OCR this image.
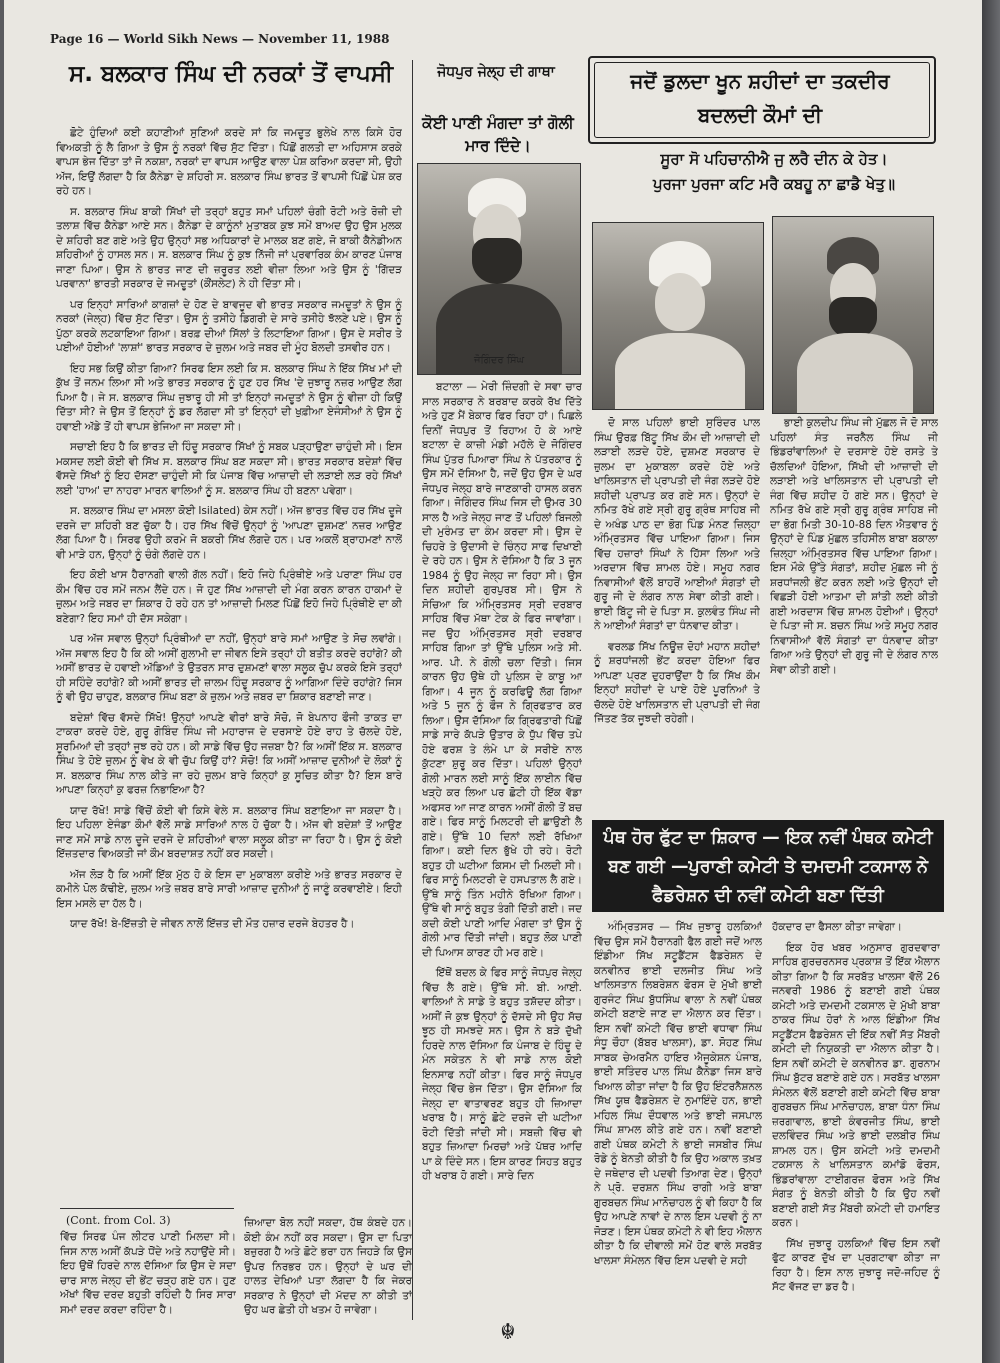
Page 16 — World Sikh News — November 11, 1988
ਸ. ਬਲਕਾਰ ਸਿੰਘ ਦੀ ਨਰਕਾਂ ਤੋਂ ਵਾਪਸੀ

ਛੋਟੇ ਹੁੰਦਿਆਂ ਕਈ ਕਹਾਣੀਆਂ ਸੁਣਿਆਂ ਕਰਦੇ ਸਾਂ ਕਿ ਜਮਦੂਤ ਭੁਲੇਖੇ ਨਾਲ ਕਿਸੇ ਹੋਰ ਵਿਅਕਤੀ ਨੂੰ ਲੈ ਗਿਆ ਤੇ ਉਸ ਨੂੰ ਨਰਕਾਂ ਵਿੱਚ ਸੁੱਟ ਦਿੱਤਾ। ਪਿੱਛੋਂ ਗਲਤੀ ਦਾ ਅਹਿਸਾਸ ਕਰਕੇ ਵਾਪਸ ਭੇਜ ਦਿੱਤਾ ਤਾਂ ਜੋ ਨਕਸ਼ਾ, ਨਰਕਾਂ ਦਾ ਵਾਪਸ ਆਉਣ ਵਾਲਾ ਪੇਸ਼ ਕਰਿਆ ਕਰਦਾ ਸੀ, ਉਹੀ ਅੱਜ, ਇਉਂ ਲੱਗਦਾ ਹੈ ਕਿ ਕੈਨੇਡਾ ਦੇ ਸ਼ਹਿਰੀ ਸ. ਬਲਕਾਰ ਸਿੰਘ ਭਾਰਤ ਤੋਂ ਵਾਪਸੀ ਪਿੱਛੋਂ ਪੇਸ਼ ਕਰ ਰਹੇ ਹਨ।

ਸ. ਬਲਕਾਰ ਸਿੰਘ ਬਾਕੀ ਸਿੱਖਾਂ ਦੀ ਤਰ੍ਹਾਂ ਬਹੁਤ ਸਮਾਂ ਪਹਿਲਾਂ ਚੰਗੀ ਰੋਟੀ ਅਤੇ ਰੋਜ਼ੀ ਦੀ ਤਲਾਸ਼ ਵਿੱਚ ਕੈਨੇਡਾ ਆਏ ਸਨ। ਕੈਨੇਡਾ ਦੇ ਕਾਨੂੰਨਾਂ ਮੁਤਾਬਕ ਕੁਝ ਸਮੇਂ ਬਾਅਦ ਉਹ ਉਸ ਮੁਲਕ ਦੇ ਸ਼ਹਿਰੀ ਬਣ ਗਏ ਅਤੇ ਉਹ ਉਨ੍ਹਾਂ ਸਭ ਅਧਿਕਾਰਾਂ ਦੇ ਮਾਲਕ ਬਣ ਗਏ, ਜੋ ਬਾਕੀ ਕੈਨੇਡੀਅਨ ਸ਼ਹਿਰੀਆਂ ਨੂੰ ਹਾਸਲ ਸਨ। ਸ. ਬਲਕਾਰ ਸਿੰਘ ਨੂੰ ਕੁਝ ਨਿੱਜੀ ਜਾਂ ਪ੍ਰਵਾਰਿਕ ਕੰਮ ਕਾਰਣ ਪੰਜਾਬ ਜਾਣਾ ਪਿਆ। ਉਸ ਨੇ ਭਾਰਤ ਜਾਣ ਦੀ ਜ਼ਰੂਰਤ ਲਈ ਵੀਜ਼ਾ ਲਿਆ ਅਤੇ ਉਸ ਨੂੰ 'ਗਿੱਦੜ ਪਰਵਾਨਾ' ਭਾਰਤੀ ਸਰਕਾਰ ਦੇ ਜਮਦੂਤਾਂ (ਕੌਂਸਲੇਟ) ਨੇ ਹੀ ਦਿੱਤਾ ਸੀ।

ਪਰ ਇਨ੍ਹਾਂ ਸਾਰਿਆਂ ਕਾਗਜ਼ਾਂ ਦੇ ਹੋਣ ਦੇ ਬਾਵਜੂਦ ਵੀ ਭਾਰਤ ਸਰਕਾਰ ਜਮਦੂਤਾਂ ਨੇ ਉਸ ਨੂੰ ਨਰਕਾਂ (ਜੇਲ੍ਹ) ਵਿੱਚ ਸੁੱਟ ਦਿੱਤਾ। ਉਸ ਨੂੰ ਤਸੀਹੇ ਡਿਗਰੀ ਦੇ ਸਾਰੇ ਤਸੀਹੇ ਝੱਲਣੇ ਪਏ। ਉਸ ਨੂੰ ਪੁੱਠਾ ਕਰਕੇ ਲਟਕਾਇਆ ਗਿਆ। ਬਰਫ਼ ਦੀਆਂ ਸਿੱਲਾਂ ਤੇ ਲਿਟਾਇਆ ਗਿਆ। ਉਸ ਦੇ ਸਰੀਰ ਤੇ ਪਈਆਂ ਹੋਈਆਂ 'ਲਾਸ਼ਾਂ' ਭਾਰਤ ਸਰਕਾਰ ਦੇ ਜ਼ੁਲਮ ਅਤੇ ਜਬਰ ਦੀ ਮੂੰਹ ਬੋਲਦੀ ਤਸਵੀਰ ਹਨ।

ਇਹ ਸਭ ਕਿਉਂ ਕੀਤਾ ਗਿਆ? ਸਿਰਫ ਇਸ ਲਈ ਕਿ ਸ. ਬਲਕਾਰ ਸਿੰਘ ਨੇ ਇੱਕ ਸਿੱਖ ਮਾਂ ਦੀ ਕੁੱਖ ਤੋਂ ਜਨਮ ਲਿਆ ਸੀ ਅਤੇ ਭਾਰਤ ਸਰਕਾਰ ਨੂੰ ਹੁਣ ਹਰ ਸਿੱਖ 'ਦੇ ਜੁਝਾਰੂ ਨਜ਼ਰ ਆਉਣ ਲੱਗ ਪਿਆ ਹੈ। ਜੇ ਸ. ਬਲਕਾਰ ਸਿੰਘ ਜੁਝਾਰੂ ਹੀ ਸੀ ਤਾਂ ਇਨ੍ਹਾਂ ਜਮਦੂਤਾਂ ਨੇ ਉਸ ਨੂੰ ਵੀਜ਼ਾ ਹੀ ਕਿਉਂ ਦਿੱਤਾ ਸੀ? ਜੇ ਉਸ ਤੋਂ ਇਨ੍ਹਾਂ ਨੂੰ ਡਰ ਲੱਗਦਾ ਸੀ ਤਾਂ ਇਨ੍ਹਾਂ ਦੀ ਖੁਫ਼ੀਆ ਏਜੰਸੀਆਂ ਨੇ ਉਸ ਨੂੰ ਹਵਾਈ ਅੱਡੇ ਤੋਂ ਹੀ ਵਾਪਸ ਭੇਜਿਆ ਜਾ ਸਕਦਾ ਸੀ।

ਸਚਾਈ ਇਹ ਹੈ ਕਿ ਭਾਰਤ ਦੀ ਹਿੰਦੂ ਸਰਕਾਰ ਸਿੱਖਾਂ ਨੂੰ ਸਬਕ ਪੜ੍ਹਾਉਣਾ ਚਾਹੁੰਦੀ ਸੀ। ਇਸ ਮਕਸਦ ਲਈ ਕੋਈ ਵੀ ਸਿੱਖ ਸ. ਬਲਕਾਰ ਸਿੰਘ ਬਣ ਸਕਦਾ ਸੀ। ਭਾਰਤ ਸਰਕਾਰ ਬਦੇਸ਼ਾਂ ਵਿੱਚ ਵੱਸਦੇ ਸਿੱਖਾਂ ਨੂੰ ਇਹ ਦੱਸਣਾ ਚਾਹੁੰਦੀ ਸੀ ਕਿ ਪੰਜਾਬ ਵਿੱਚ ਆਜ਼ਾਦੀ ਦੀ ਲੜਾਈ ਲੜ ਰਹੇ ਸਿੱਖਾਂ ਲਈ 'ਹਾਅ' ਦਾ ਨਾਹਰਾ ਮਾਰਨ ਵਾਲਿਆਂ ਨੂੰ ਸ. ਬਲਕਾਰ ਸਿੰਘ ਹੀ ਬਣਨਾ ਪਵੇਗਾ।

ਸ. ਬਲਕਾਰ ਸਿੰਘ ਦਾ ਮਸਲਾ ਕੋਈ Isilated) ਕੇਸ ਨਹੀਂ। ਅੱਜ ਭਾਰਤ ਵਿੱਚ ਹਰ ਸਿੱਖ ਦੂਜੇ ਦਰਜੇ ਦਾ ਸ਼ਹਿਰੀ ਬਣ ਚੁੱਕਾ ਹੈ। ਹਰ ਸਿੱਖ ਵਿੱਚੋਂ ਉਨ੍ਹਾਂ ਨੂੰ 'ਆਪਣਾ ਦੁਸ਼ਮਣ' ਨਜ਼ਰ ਆਉਣ ਲੱਗ ਪਿਆ ਹੈ। ਸਿਰਫ ਉਹੀ ਕਰਮੇ ਜੋ ਬਕਰੀ ਸਿੱਖ ਲੱਗਦੇ ਹਨ। ਪਰ ਅਕਲੋਂ ਬ੍ਰਾਹਮਣਾਂ ਨਾਲੋਂ ਵੀ ਮਾੜੇ ਹਨ, ਉਨ੍ਹਾਂ ਨੂੰ ਚੰਗੇ ਲੱਗਦੇ ਹਨ।

ਇਹ ਕੋਈ ਖਾਸ ਹੈਰਾਨਗੀ ਵਾਲੀ ਗੱਲ ਨਹੀਂ। ਇਹੋ ਜਿਹੇ ਪ੍ਰਿੰਥੀਏ ਅਤੇ ਪਰਾਣਾ ਸਿੰਘ ਹਰ ਕੌਮ ਵਿੱਚ ਹਰ ਸਮੇਂ ਜਨਮ ਲੈਂਦੇ ਹਨ। ਜੋ ਹੁਣ ਸਿੱਖ ਆਜ਼ਾਦੀ ਦੀ ਮੰਗ ਕਰਨ ਕਾਰਨ ਹਾਕਮਾਂ ਦੇ ਜ਼ੁਲਮ ਅਤੇ ਜਬਰ ਦਾ ਸ਼ਿਕਾਰ ਹੋ ਰਹੇ ਹਨ ਤਾਂ ਆਜ਼ਾਦੀ ਮਿਲਣ ਪਿੱਛੋਂ ਇਹੋ ਜਿਹੇ ਪ੍ਰਿੰਥੀਏ ਦਾ ਕੀ ਬਣੇਗਾ? ਇਹ ਸਮਾਂ ਹੀ ਦੱਸ ਸਕੇਗਾ।

ਪਰ ਅੱਜ ਸਵਾਲ ਉਨ੍ਹਾਂ ਪ੍ਰਿੰਥੀਆਂ ਦਾ ਨਹੀਂ, ਉਨ੍ਹਾਂ ਬਾਰੇ ਸਮਾਂ ਆਉਣ ਤੇ ਸੋਚ ਲਵਾਂਗੇ। ਅੱਜ ਸਵਾਲ ਇਹ ਹੈ ਕਿ ਕੀ ਅਸੀਂ ਗੁਲਾਮੀ ਦਾ ਜੀਵਨ ਇਸੇ ਤਰ੍ਹਾਂ ਹੀ ਬਤੀਤ ਕਰਦੇ ਰਹਾਂਗੇ? ਕੀ ਅਸੀਂ ਭਾਰਤ ਦੇ ਹਵਾਈ ਅੱਡਿਆਂ ਤੇ ਉਤਰਨ ਸਾਰ ਦੁਸ਼ਮਣਾਂ ਵਾਲਾ ਸਲੂਕ ਚੁੱਪ ਕਰਕੇ ਇਸੇ ਤਰ੍ਹਾਂ ਹੀ ਸਹਿੰਦੇ ਰਹਾਂਗੇ? ਕੀ ਅਸੀਂ ਭਾਰਤ ਦੀ ਜ਼ਾਲਮ ਹਿੰਦੂ ਸਰਕਾਰ ਨੂੰ ਆਗਿਆ ਦਿੰਦੇ ਰਹਾਂਗੇ? ਜਿਸ ਨੂੰ ਵੀ ਉਹ ਚਾਹੁਣ, ਬਲਕਾਰ ਸਿੰਘ ਬਣਾ ਕੇ ਜ਼ੁਲਮ ਅਤੇ ਜ਼ਬਰ ਦਾ ਸ਼ਿਕਾਰ ਬਣਾਈ ਜਾਣ।

ਬਦੇਸ਼ਾਂ ਵਿੱਚ ਵੱਸਦੇ ਸਿੱਖੋ! ਉਨ੍ਹਾਂ ਆਪਣੇ ਵੀਰਾਂ ਬਾਰੇ ਸੋਚੋ, ਜੋ ਬੇਪਨਾਹ ਫੌਜੀ ਤਾਕਤ ਦਾ ਟਾਕਰਾ ਕਰਦੇ ਹੋਏ, ਗੁਰੂ ਗੋਬਿੰਦ ਸਿੰਘ ਜੀ ਮਹਾਰਾਜ ਦੇ ਦਰਸਾਏ ਹੋਏ ਰਾਹ ਤੇ ਚੱਲਦੇ ਹੋਏ, ਸੂਰਮਿਆਂ ਦੀ ਤਰ੍ਹਾਂ ਜੂਝ ਰਹੇ ਹਨ। ਕੀ ਸਾਡੇ ਵਿੱਚ ਉਹ ਜਜ਼ਬਾ ਹੈ? ਕਿ ਅਸੀਂ ਇੱਕ ਸ. ਬਲਕਾਰ ਸਿੰਘ ਤੇ ਹੋਏ ਜ਼ੁਲਮ ਨੂੰ ਵੇਖ ਕੇ ਵੀ ਚੁੱਪ ਕਿਉਂ ਹਾਂ? ਸੋਚੋ! ਕਿ ਅਸੀਂ ਆਜ਼ਾਦ ਦੁਨੀਆਂ ਦੇ ਲੋਕਾਂ ਨੂੰ ਸ. ਬਲਕਾਰ ਸਿੰਘ ਨਾਲ ਕੀਤੇ ਜਾ ਰਹੇ ਜ਼ੁਲਮ ਬਾਰੇ ਕਿਨ੍ਹਾਂ ਕੁ ਸੂਚਿਤ ਕੀਤਾ ਹੈ? ਇਸ ਬਾਰੇ ਆਪਣਾ ਕਿਨ੍ਹਾਂ ਕੁ ਫਰਜ਼ ਨਿਭਾਇਆ ਹੈ?

ਯਾਦ ਰੱਖੋ! ਸਾਡੇ ਵਿੱਚੋਂ ਕੋਈ ਵੀ ਕਿਸੇ ਵੇਲੇ ਸ. ਬਲਕਾਰ ਸਿੰਘ ਬਣਾਇਆ ਜਾ ਸਕਦਾ ਹੈ। ਇਹ ਪਹਿਲਾ ਏਜੰਡਾ ਕੌਮਾਂ ਵੱਲੋਂ ਸਾਡੇ ਸਾਰਿਆਂ ਨਾਲ ਹੋ ਚੁੱਕਾ ਹੈ। ਅੱਜ ਵੀ ਬਦੇਸ਼ਾਂ ਤੋਂ ਆਉਣ ਜਾਣ ਸਮੇਂ ਸਾਡੇ ਨਾਲ ਦੂਜੇ ਦਰਜੇ ਦੇ ਸ਼ਹਿਰੀਆਂ ਵਾਲਾ ਸਲੂਕ ਕੀਤਾ ਜਾ ਰਿਹਾ ਹੈ। ਉਸ ਨੂੰ ਕੋਈ ਇੱਜ਼ਤਦਾਰ ਵਿਅਕਤੀ ਜਾਂ ਕੌਮ ਬਰਦਾਸ਼ਤ ਨਹੀਂ ਕਰ ਸਕਦੀ।

ਅੱਜ ਲੋੜ ਹੈ ਕਿ ਅਸੀਂ ਇੱਕ ਮੁੱਠ ਹੋ ਕੇ ਇਸ ਦਾ ਮੁਕਾਬਲਾ ਕਰੀਏ ਅਤੇ ਭਾਰਤ ਸਰਕਾਰ ਦੇ ਕਮੀਨੇ ਪੋਲ ਕੱਢੀਏ, ਜ਼ੁਲਮ ਅਤੇ ਜ਼ਬਰ ਬਾਰੇ ਸਾਰੀ ਆਜ਼ਾਦ ਦੁਨੀਆਂ ਨੂੰ ਜਾਣੂੰ ਕਰਵਾਈਏ। ਇਹੀ ਇਸ ਮਸਲੇ ਦਾ ਹੱਲ ਹੈ।

ਯਾਦ ਰੱਖੋ! ਬੇ-ਇੱਜ਼ਤੀ ਦੇ ਜੀਵਨ ਨਾਲੋਂ ਇੱਜ਼ਤ ਦੀ ਮੌਤ ਹਜ਼ਾਰ ਦਰਜੇ ਬੇਹਤਰ ਹੈ।

(Cont. from Col. 3)
ਵਿੱਚ ਸਿਰਫ ਪੰਜ ਲੀਟਰ ਪਾਣੀ ਮਿਲਦਾ ਸੀ। ਜਿਸ ਨਾਲ ਅਸੀਂ ਕੱਪੜੇ ਧੋਂਦੇ ਅਤੇ ਨਹਾਉਂਦੇ ਸੀ। ਇਹ ਉਥੋਂ ਹਿਰਦੇ ਨਾਲ ਦੱਸਿਆ ਕਿ ਉਸ ਦੇ ਸਦਾ ਚਾਰ ਸਾਲ ਜੇਲ੍ਹ ਦੀ ਭੇਂਟ ਚੜ੍ਹ ਗਏ ਹਨ। ਹੁਣ ਅੱਖਾਂ ਵਿੱਚ ਦਰਦ ਬਹੁਤੀ ਰਹਿੰਦੀ ਹੈ ਸਿਰ ਸਾਰਾ ਸਮਾਂ ਦਰਦ ਕਰਦਾ ਰਹਿੰਦਾ ਹੈ।
ਜੋਧਪੁਰ ਜੇਲ੍ਹ ਦੀ ਗਾਥਾ
ਕੋਈ ਪਾਣੀ ਮੰਗਦਾ ਤਾਂ ਗੋਲੀ ਮਾਰ ਦਿੰਦੇ।
ਜੋਗਿੰਦਰ ਸਿੰਘ

ਬਟਾਲਾ — ਮੇਰੀ ਜ਼ਿੰਦਗੀ ਦੇ ਸਵਾ ਚਾਰ ਸਾਲ ਸਰਕਾਰ ਨੇ ਬਰਬਾਦ ਕਰਕੇ ਰੱਖ ਦਿੱਤੇ ਅਤੇ ਹੁਣ ਮੈਂ ਬੇਕਾਰ ਫਿਰ ਰਿਹਾ ਹਾਂ। ਪਿਛਲੇ ਦਿਨੀਂ ਜੋਧਪੁਰ ਤੋਂ ਰਿਹਾਅ ਹੋ ਕੇ ਆਏ ਬਟਾਲਾ ਦੇ ਕਾਜ਼ੀ ਮੰਡੀ ਮਹੱਲੇ ਦੇ ਜੋਗਿੰਦਰ ਸਿੰਘ ਪੁੱਤਰ ਪਿਆਰਾ ਸਿੰਘ ਨੇ ਪੱਤਰਕਾਰ ਨੂੰ ਉਸ ਸਮੇਂ ਦੱਸਿਆ ਹੈ, ਜਦੋਂ ਉਹ ਉਸ ਦੇ ਘਰ ਜੋਧਪੁਰ ਜੇਲ੍ਹ ਬਾਰੇ ਜਾਣਕਾਰੀ ਹਾਸਲ ਕਰਨ ਗਿਆ। ਜੋਗਿੰਦਰ ਸਿੰਘ ਜਿਸ ਦੀ ਉਮਰ 30 ਸਾਲ ਹੈ ਅਤੇ ਜੇਲ੍ਹ ਜਾਣ ਤੋਂ ਪਹਿਲਾਂ ਬਿਜਲੀ ਦੀ ਮੁਰੰਮਤ ਦਾ ਕੰਮ ਕਰਦਾ ਸੀ। ਉਸ ਦੇ ਚਿਹਰੇ ਤੇ ਉਦਾਸੀ ਦੇ ਚਿੰਨ੍ਹ ਸਾਫ ਦਿਖਾਈ ਦੇ ਰਹੇ ਹਨ। ਉਸ ਨੇ ਦੱਸਿਆ ਹੈ ਕਿ 3 ਜੂਨ 1984 ਨੂੰ ਉਹ ਜੇਲ੍ਹ ਜਾ ਰਿਹਾ ਸੀ। ਉਸ ਦਿਨ ਸ਼ਹੀਦੀ ਗੁਰਪੁਰਬ ਸੀ। ਉਸ ਨੇ ਸੋਚਿਆ ਕਿ ਅੰਮ੍ਰਿਤਸਰ ਸ੍ਰੀ ਦਰਬਾਰ ਸਾਹਿਬ ਵਿੱਚ ਮੱਥਾ ਟੇਕ ਕੇ ਫਿਰ ਜਾਵਾਂਗਾ। ਜਦ ਉਹ ਅੰਮ੍ਰਿਤਸਰ ਸ੍ਰੀ ਦਰਬਾਰ ਸਾਹਿਬ ਗਿਆ ਤਾਂ ਉੱਥੇ ਪੁਲਿਸ ਅਤੇ ਸੀ. ਆਰ. ਪੀ. ਨੇ ਗੋਲੀ ਚਲਾ ਦਿੱਤੀ। ਜਿਸ ਕਾਰਨ ਉਹ ਉਥੇ ਹੀ ਪੁਲਿਸ ਦੇ ਕਾਬੂ ਆ ਗਿਆ। 4 ਜੂਨ ਨੂੰ ਕਰਫਿਊ ਲੱਗ ਗਿਆ ਅਤੇ 5 ਜੂਨ ਨੂੰ ਫੌਜ ਨੇ ਗ੍ਰਿਫਤਾਰ ਕਰ ਲਿਆ। ਉਸ ਦੱਸਿਆ ਕਿ ਗ੍ਰਿਫਤਾਰੀ ਪਿੱਛੋਂ ਸਾਡੇ ਸਾਰੇ ਕੱਪੜੇ ਉਤਾਰ ਕੇ ਧੁੱਪ ਵਿੱਚ ਤਪੇ ਹੋਏ ਫਰਸ਼ ਤੇ ਲੰਮੇ ਪਾ ਕੇ ਸਰੀਏ ਨਾਲ ਕੁੱਟਣਾ ਸ਼ੁਰੂ ਕਰ ਦਿੱਤਾ। ਪਹਿਲਾਂ ਉਨ੍ਹਾਂ ਗੋਲੀ ਮਾਰਨ ਲਈ ਸਾਨੂੰ ਇੱਕ ਲਾਈਨ ਵਿੱਚ ਖੜ੍ਹੇ ਕਰ ਲਿਆ ਪਰ ਛੋਟੀ ਹੀ ਇੱਕ ਵੱਡਾ ਅਫਸਰ ਆ ਜਾਣ ਕਾਰਨ ਅਸੀਂ ਗੋਲੀ ਤੋਂ ਬਚ ਗਏ। ਫਿਰ ਸਾਨੂੰ ਮਿਲਟਰੀ ਦੀ ਛਾਉਣੀ ਲੈ ਗਏ। ਉੱਥੇ 10 ਦਿਨਾਂ ਲਈ ਰੱਖਿਆ ਗਿਆ। ਕਈ ਦਿਨ ਭੁੱਖੇ ਹੀ ਰਹੇ। ਰੋਟੀ ਬਹੁਤ ਹੀ ਘਟੀਆ ਕਿਸਮ ਦੀ ਮਿਲਦੀ ਸੀ। ਫਿਰ ਸਾਨੂੰ ਮਿਲਟਰੀ ਦੇ ਹਸਪਤਾਲ ਲੈ ਗਏ। ਉੱਥੇ ਸਾਨੂੰ ਤਿੰਨ ਮਹੀਨੇ ਰੱਖਿਆ ਗਿਆ। ਉੱਥੇ ਵੀ ਸਾਨੂੰ ਬਹੁਤ ਤੰਗੀ ਦਿੱਤੀ ਗਈ। ਜਦ ਕਦੀ ਕੋਈ ਪਾਣੀ ਆਦਿ ਮੰਗਦਾ ਤਾਂ ਉਸ ਨੂੰ ਗੋਲੀ ਮਾਰ ਦਿੱਤੀ ਜਾਂਦੀ। ਬਹੁਤ ਲੋਕ ਪਾਣੀ ਦੀ ਪਿਆਸ ਕਾਰਣ ਹੀ ਮਰ ਗਏ।

ਇੱਥੋਂ ਬਦਲ ਕੇ ਫਿਰ ਸਾਨੂੰ ਜੋਧਪੁਰ ਜੇਲ੍ਹ ਵਿੱਚ ਲੈ ਗਏ। ਉੱਥੇ ਸੀ. ਬੀ. ਆਈ. ਵਾਲਿਆਂ ਨੇ ਸਾਡੇ ਤੇ ਬਹੁਤ ਤਸ਼ੱਦਦ ਕੀਤਾ। ਅਸੀਂ ਜੋ ਕੁਝ ਉਨ੍ਹਾਂ ਨੂੰ ਦੱਸਦੇ ਸੀ ਉਹ ਸੱਚ ਝੂਠ ਹੀ ਸਮਝਦੇ ਸਨ। ਉਸ ਨੇ ਬੜੇ ਦੁੱਖੀ ਹਿਰਦੇ ਨਾਲ ਦੱਸਿਆ ਕਿ ਪੰਜਾਬ ਦੇ ਹਿੰਦੂ ਦੇ ਮੰਨ ਸਕੇਤਨ ਨੇ ਵੀ ਸਾਡੇ ਨਾਲ ਕੋਈ ਇਨਸਾਫ ਨਹੀਂ ਕੀਤਾ। ਫਿਰ ਸਾਨੂੰ ਜੋਧਪੁਰ ਜੇਲ੍ਹ ਵਿੱਚ ਭੇਜ ਦਿੱਤਾ। ਉਸ ਦੱਸਿਆ ਕਿ ਜੇਲ੍ਹ ਦਾ ਵਾਤਾਵਰਣ ਬਹੁਤ ਹੀ ਜ਼ਿਆਦਾ ਖਰਾਬ ਹੈ। ਸਾਨੂੰ ਛੋਟੇ ਦਰਜੇ ਦੀ ਘਟੀਆ ਰੋਟੀ ਦਿੱਤੀ ਜਾਂਦੀ ਸੀ। ਸਬਜ਼ੀ ਵਿੱਚ ਵੀ ਬਹੁਤ ਜ਼ਿਆਦਾ ਮਿਰਚਾਂ ਅਤੇ ਪੱਥਰ ਆਦਿ ਪਾ ਕੇ ਦਿੰਦੇ ਸਨ। ਇਸ ਕਾਰਣ ਸਿਹਤ ਬਹੁਤ ਹੀ ਖਰਾਬ ਹੋ ਗਈ। ਸਾਰੇ ਦਿਨ

ਜ਼ਿਆਦਾ ਬੋਲ ਨਹੀਂ ਸਕਦਾ, ਹੱਥ ਕੰਬਦੇ ਹਨ। ਕੋਈ ਕੰਮ ਨਹੀਂ ਕਰ ਸਕਦਾ। ਉਸ ਦਾ ਪਿਤਾ ਬਜ਼ੁਰਗ ਹੈ ਅਤੇ ਛੋਟੇ ਭਰਾ ਹਨ ਜਿਹੜੇ ਕਿ ਉਸ ਉਪਰ ਨਿਰਭਰ ਹਨ। ਉਨ੍ਹਾਂ ਦੇ ਘਰ ਦੀ ਹਾਲਤ ਦੇਖਿਆਂ ਪਤਾ ਲੱਗਦਾ ਹੈ ਕਿ ਜੇਕਰ ਸਰਕਾਰ ਨੇ ਉਨ੍ਹਾਂ ਦੀ ਮੱਦਦ ਨਾ ਕੀਤੀ ਤਾਂ ਉਹ ਘਰ ਛੇਤੀ ਹੀ ਖਤਮ ਹੋ ਜਾਵੇਗਾ।
☬
ਜਦੋਂ ਡੁਲਦਾ ਖੂਨ ਸ਼ਹੀਦਾਂ ਦਾ ਤਕਦੀਰ ਬਦਲਦੀ ਕੌਮਾਂ ਦੀ
ਸੂਰਾ ਸੋ ਪਹਿਚਾਨੀਐ ਜੁ ਲਰੈ ਦੀਨ ਕੇ ਹੇਤ।
ਪੁਰਜਾ ਪੁਰਜਾ ਕਟਿ ਮਰੈ ਕਬਹੂ ਨਾ ਛਾਡੈ ਖੇਤੁ॥

ਦੋ ਸਾਲ ਪਹਿਲਾਂ ਭਾਈ ਸੁਰਿੰਦਰ ਪਾਲ ਸਿੰਘ ਉਰਫ਼ ਬਿੱਟੂ ਸਿੱਖ ਕੌਮ ਦੀ ਆਜ਼ਾਦੀ ਦੀ ਲੜਾਈ ਲੜਦੇ ਹੋਏ, ਦੁਸ਼ਮਣ ਸਰਕਾਰ ਦੇ ਜ਼ੁਲਮ ਦਾ ਮੁਕਾਬਲਾ ਕਰਦੇ ਹੋਏ ਅਤੇ ਖਾਲਿਸਤਾਨ ਦੀ ਪ੍ਰਾਪਤੀ ਦੀ ਜੰਗ ਲੜਦੇ ਹੋਏ ਸ਼ਹੀਦੀ ਪ੍ਰਾਪਤ ਕਰ ਗਏ ਸਨ। ਉਨ੍ਹਾਂ ਦੇ ਨਮਿਤ ਰੱਖੇ ਗਏ ਸ੍ਰੀ ਗੁਰੂ ਗ੍ਰੰਥ ਸਾਹਿਬ ਜੀ ਦੇ ਅਖੰਡ ਪਾਠ ਦਾ ਭੋਗ ਪਿੰਡ ਮੰਨਣ ਜ਼ਿਲ੍ਹਾ ਅੰਮ੍ਰਿਤਸਰ ਵਿੱਚ ਪਾਇਆ ਗਿਆ। ਜਿਸ ਵਿੱਚ ਹਜ਼ਾਰਾਂ ਸਿੰਘਾਂ ਨੇ ਹਿੱਸਾ ਲਿਆ ਅਤੇ ਅਰਦਾਸ ਵਿੱਚ ਸ਼ਾਮਲ ਹੋਏ। ਸਮੂਹ ਨਗਰ ਨਿਵਾਸੀਆਂ ਵੱਲੋਂ ਬਾਹਰੋਂ ਆਈਆਂ ਸੰਗਤਾਂ ਦੀ ਗੁਰੂ ਜੀ ਦੇ ਲੰਗਰ ਨਾਲ ਸੇਵਾ ਕੀਤੀ ਗਈ। ਭਾਈ ਬਿੱਟੂ ਜੀ ਦੇ ਪਿਤਾ ਸ. ਕੁਲਵੰਤ ਸਿੰਘ ਜੀ ਨੇ ਆਈਆਂ ਸੰਗਤਾਂ ਦਾ ਧੰਨਵਾਦ ਕੀਤਾ।

ਵਰਲਡ ਸਿੱਖ ਨਿਊਜ਼ ਦੋਹਾਂ ਮਹਾਨ ਸ਼ਹੀਦਾਂ ਨੂੰ ਸ਼ਰਧਾਂਜਲੀ ਭੇਂਟ ਕਰਦਾ ਹੋਇਆ ਫਿਰ ਆਪਣਾ ਪ੍ਰਣ ਦੁਹਰਾਉਂਦਾ ਹੈ ਕਿ ਸਿੱਖ ਕੌਮ ਇਨ੍ਹਾਂ ਸ਼ਹੀਦਾਂ ਦੇ ਪਾਏ ਹੋਏ ਪੂਰਨਿਆਂ ਤੇ ਚੱਲਦੇ ਹੋਏ ਖਾਲਿਸਤਾਨ ਦੀ ਪ੍ਰਾਪਤੀ ਦੀ ਜੰਗ ਜਿੱਤਣ ਤੱਕ ਜੂਝਦੀ ਰਹੇਗੀ।

ਭਾਈ ਕੁਲਦੀਪ ਸਿੰਘ ਜੀ ਮੁੱਛਲ ਜੋ ਦੋ ਸਾਲ ਪਹਿਲਾਂ ਸੰਤ ਜਰਨੈਲ ਸਿੰਘ ਜੀ ਭਿੰਡਰਾਂਵਾਲਿਆਂ ਦੇ ਦਰਸਾਏ ਹੋਏ ਰਸਤੇ ਤੇ ਚੱਲਦਿਆਂ ਹੋਇਆ, ਸਿੱਖੀ ਦੀ ਆਜ਼ਾਦੀ ਦੀ ਲੜਾਈ ਅਤੇ ਖਾਲਿਸਤਾਨ ਦੀ ਪ੍ਰਾਪਤੀ ਦੀ ਜੰਗ ਵਿੱਚ ਸ਼ਹੀਦ ਹੋ ਗਏ ਸਨ। ਉਨ੍ਹਾਂ ਦੇ ਨਮਿਤ ਰੱਖੇ ਗਏ ਸ੍ਰੀ ਗੁਰੂ ਗ੍ਰੰਥ ਸਾਹਿਬ ਜੀ ਦਾ ਭੋਗ ਮਿਤੀ 30-10-88 ਦਿਨ ਐਤਵਾਰ ਨੂੰ ਉਨ੍ਹਾਂ ਦੇ ਪਿੰਡ ਮੁੱਛਲ ਤਹਿਸੀਲ ਬਾਬਾ ਬਕਾਲਾ ਜ਼ਿਲ੍ਹਾ ਅੰਮ੍ਰਿਤਸਰ ਵਿੱਚ ਪਾਇਆ ਗਿਆ। ਇਸ ਮੌਕੇ ਉੱਤੇ ਸੰਗਤਾਂ, ਸ਼ਹੀਦ ਮੁੱਛਲ ਜੀ ਨੂੰ ਸ਼ਰਧਾਂਜਲੀ ਭੇਂਟ ਕਰਨ ਲਈ ਅਤੇ ਉਨ੍ਹਾਂ ਦੀ ਵਿਛੜੀ ਹੋਈ ਆਤਮਾ ਦੀ ਸ਼ਾਂਤੀ ਲਈ ਕੀਤੀ ਗਈ ਅਰਦਾਸ ਵਿੱਚ ਸ਼ਾਮਲ ਹੋਈਆਂ। ਉਨ੍ਹਾਂ ਦੇ ਪਿਤਾ ਜੀ ਸ. ਬਚਨ ਸਿੰਘ ਅਤੇ ਸਮੂਹ ਨਗਰ ਨਿਵਾਸੀਆਂ ਵੱਲੋਂ ਸੰਗਤਾਂ ਦਾ ਧੰਨਵਾਦ ਕੀਤਾ ਗਿਆ ਅਤੇ ਉਨ੍ਹਾਂ ਦੀ ਗੁਰੂ ਜੀ ਦੇ ਲੰਗਰ ਨਾਲ ਸੇਵਾ ਕੀਤੀ ਗਈ।

ਪੰਥ ਹੋਰ ਫੁੱਟ ਦਾ ਸ਼ਿਕਾਰ — ਇਕ ਨਵੀਂ ਪੰਥਕ ਕਮੇਟੀ ਬਣ ਗਈ —ਪੁਰਾਣੀ ਕਮੇਟੀ ਤੇ ਦਮਦਮੀ ਟਕਸਾਲ ਨੇ ਫੈਡਰੇਸ਼ਨ ਦੀ ਨਵੀਂ ਕਮੇਟੀ ਬਣਾ ਦਿੱਤੀ

ਅੰਮ੍ਰਿਤਸਰ — ਸਿੱਖ ਜੁਝਾਰੂ ਹਲਕਿਆਂ ਵਿੱਚ ਉਸ ਸਮੇਂ ਹੈਰਾਨਗੀ ਫੈਲ ਗਈ ਜਦੋਂ ਆਲ ਇੰਡੀਆ ਸਿੱਖ ਸਟੂਡੈਂਟਸ ਫੈਡਰੇਸ਼ਨ ਦੇ ਕਨਵੀਨਰ ਭਾਈ ਦਲਜੀਤ ਸਿੰਘ ਅਤੇ ਖਾਲਿਸਤਾਨ ਲਿਬਰੇਸ਼ਨ ਫੋਰਸ ਦੇ ਮੁੱਖੀ ਭਾਈ ਗੁਰਜੰਟ ਸਿੰਘ ਬੁੱਧਸਿੰਘ ਵਾਲਾ ਨੇ ਨਵੀਂ ਪੰਥਕ ਕਮੇਟੀ ਬਣਾਏ ਜਾਣ ਦਾ ਐਲਾਨ ਕਰ ਦਿੱਤਾ। ਇਸ ਨਵੀਂ ਕਮੇਟੀ ਵਿੱਚ ਭਾਈ ਵਧਾਵਾ ਸਿੰਘ ਸੰਧੂ ਚੌਹਾ (ਬੱਬਰ ਖਾਲਸਾ), ਡਾ. ਸੋਹਣ ਸਿੰਘ ਸਾਬਕ ਚੇਅਰਮੈਨ ਹਾਇਰ ਐਜੂਕੇਸ਼ਨ ਪੰਜਾਬ, ਭਾਈ ਸਤਿੰਦਰ ਪਾਲ ਸਿੰਘ ਕੈਨੇਡਾ ਜਿਸ ਬਾਰੇ ਖਿਆਲ ਕੀਤਾ ਜਾਂਦਾ ਹੈ ਕਿ ਉਹ ਇੰਟਰਨੈਸ਼ਨਲ ਸਿੱਖ ਯੂਥ ਫੈਡਰੇਸ਼ਨ ਦੇ ਨੁਮਾਇੰਦੇ ਹਨ, ਭਾਈ ਮਹਿਲ ਸਿੰਘ ਦੌਧਵਾਲ ਅਤੇ ਭਾਈ ਜਸਪਾਲ ਸਿੰਘ ਸ਼ਾਮਲ ਕੀਤੇ ਗਏ ਹਨ। ਨਵੀਂ ਬਣਾਈ ਗਈ ਪੰਥਕ ਕਮੇਟੀ ਨੇ ਭਾਈ ਜਸਬੀਰ ਸਿੰਘ ਰੋਡੇ ਨੂੰ ਬੇਨਤੀ ਕੀਤੀ ਹੈ ਕਿ ਉਹ ਅਕਾਲ ਤਖ਼ਤ ਦੇ ਜਥੇਦਾਰ ਦੀ ਪਦਵੀ ਤਿਆਗ ਦੇਣ। ਉਨ੍ਹਾਂ ਨੇ ਪ੍ਰੋ. ਦਰਸ਼ਨ ਸਿੰਘ ਰਾਗੀ ਅਤੇ ਬਾਬਾ ਗੁਰਬਚਨ ਸਿੰਘ ਮਾਨੋਚਾਹਲ ਨੂੰ ਵੀ ਕਿਹਾ ਹੈ ਕਿ ਉਹ ਆਪਣੇ ਨਾਵਾਂ ਦੇ ਨਾਲ ਇਸ ਪਦਵੀ ਨੂੰ ਨਾ ਜੋੜਣ। ਇਸ ਪੰਥਕ ਕਮੇਟੀ ਨੇ ਵੀ ਇਹ ਐਲਾਨ ਕੀਤਾ ਹੈ ਕਿ ਦੀਵਾਲੀ ਸਮੇਂ ਹੋਣ ਵਾਲੇ ਸਰਬੱਤ ਖਾਲਸਾ ਸੰਮੇਲਨ ਵਿੱਚ ਇਸ ਪਦਵੀ ਦੇ ਸਹੀ

ਹੱਕਦਾਰ ਦਾ ਫੈਸਲਾ ਕੀਤਾ ਜਾਵੇਗਾ।

ਇਕ ਹੋਰ ਖਬਰ ਅਨੁਸਾਰ ਗੁਰਦਵਾਰਾ ਸਾਹਿਬ ਗੁਰਚਰਨਸਰ ਪ੍ਰਕਾਸ਼ ਤੋਂ ਇੱਕ ਐਲਾਨ ਕੀਤਾ ਗਿਆ ਹੈ ਕਿ ਸਰਬੱਤ ਖਾਲਸਾ ਵੱਲੋਂ 26 ਜਨਵਰੀ 1986 ਨੂੰ ਬਣਾਈ ਗਈ ਪੰਥਕ ਕਮੇਟੀ ਅਤੇ ਦਮਦਮੀ ਟਕਸਾਲ ਦੇ ਮੁੱਖੀ ਬਾਬਾ ਠਾਕਰ ਸਿੰਘ ਹੋਰਾਂ ਨੇ ਆਲ ਇੰਡੀਆ ਸਿੱਖ ਸਟੂਡੈਂਟਸ ਫੈਡਰੇਸ਼ਨ ਦੀ ਇੱਕ ਨਵੀਂ ਸੱਤ ਮੈਂਬਰੀ ਕਮੇਟੀ ਦੀ ਨਿਯੁਕਤੀ ਦਾ ਐਲਾਨ ਕੀਤਾ ਹੈ। ਇਸ ਨਵੀਂ ਕਮੇਟੀ ਦੇ ਕਨਵੀਨਰ ਡਾ. ਗੁਰਨਾਮ ਸਿੰਘ ਬੁੱਟਰ ਬਣਾਏ ਗਏ ਹਨ। ਸਰਬੱਤ ਖਾਲਸਾ ਸੰਮੇਲਨ ਵੱਲੋਂ ਬਣਾਈ ਗਈ ਕਮੇਟੀ ਵਿੱਚ ਬਾਬਾ ਗੁਰਬਚਨ ਸਿੰਘ ਮਾਨੋਚਾਹਲ, ਬਾਬਾ ਧੰਨਾ ਸਿੰਘ ਜ਼ਰਗਾਵਾਲ, ਭਾਈ ਕੰਵਰਜੀਤ ਸਿੰਘ, ਭਾਈ ਦਲਵਿੰਦਰ ਸਿੰਘ ਅਤੇ ਭਾਈ ਦਲਬੀਰ ਸਿੰਘ ਸ਼ਾਮਲ ਹਨ। ਉਸ ਕਮੇਟੀ ਅਤੇ ਦਮਦਮੀ ਟਕਸਾਲ ਨੇ ਖਾਲਿਸਤਾਨ ਕਮਾਂਡੋ ਫੋਰਸ, ਭਿੰਡਰਾਂਵਾਲਾ ਟਾਈਗਰਜ਼ ਫੋਰਸ ਅਤੇ ਸਿੱਖ ਸੰਗਤ ਨੂੰ ਬੇਨਤੀ ਕੀਤੀ ਹੈ ਕਿ ਉਹ ਨਵੀਂ ਬਣਾਈ ਗਈ ਸੱਤ ਮੈਂਬਰੀ ਕਮੇਟੀ ਦੀ ਹਮਾਇਤ ਕਰਨ।

ਸਿੱਖ ਜੁਝਾਰੂ ਹਲਕਿਆਂ ਵਿੱਚ ਇਸ ਨਵੀਂ ਫੁੱਟ ਕਾਰਣ ਦੁੱਖ ਦਾ ਪ੍ਰਗਟਾਵਾ ਕੀਤਾ ਜਾ ਰਿਹਾ ਹੈ। ਇਸ ਨਾਲ ਜੁਝਾਰੂ ਜਦੋ-ਜਹਿਦ ਨੂੰ ਸੱਟ ਵੱਜਣ ਦਾ ਡਰ ਹੈ।
